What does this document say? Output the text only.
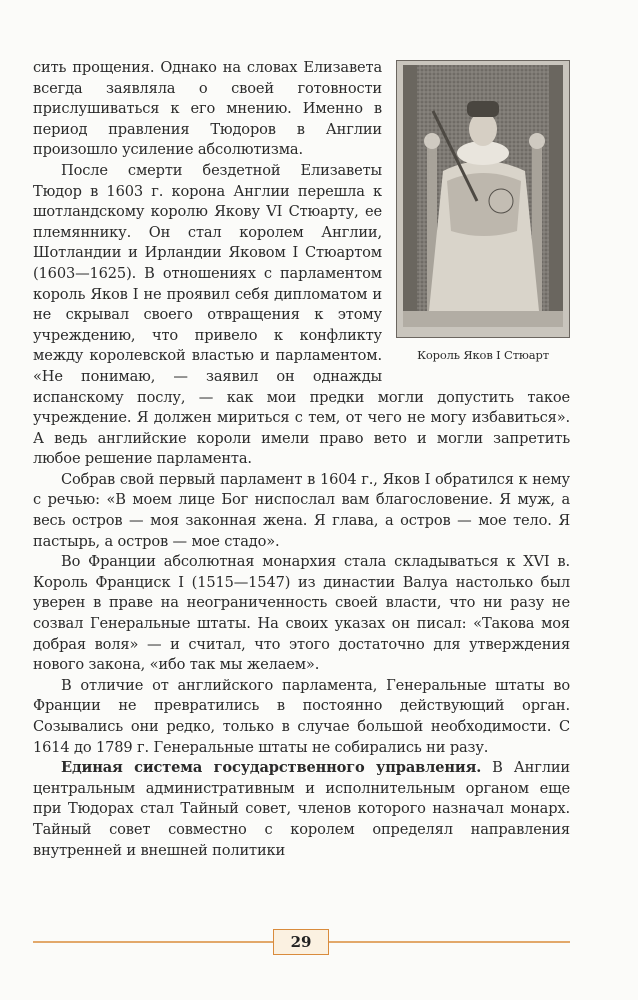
Король Яков I Стюарт

сить прощения. Однако на словах Елизавета всегда заявляла о своей готовности прислушиваться к его мнению. Именно в период правления Тюдоров в Англии произошло усиление абсолютизма.

После смерти бездетной Елизаветы Тюдор в 1603 г. корона Англии перешла к шотландскому королю Якову VI Стюарту, ее племяннику. Он стал королем Англии, Шотландии и Ирландии Яковом I Стюартом (1603—1625). В отношениях с парламентом король Яков I не проявил себя дипломатом и не скрывал своего отвращения к этому учреждению, что привело к конфликту между королевской властью и парламентом. «Не понимаю, — заявил он однажды испанскому послу, — как мои предки могли допустить такое учреждение. Я должен мириться с тем, от чего не могу избавиться». А ведь английские короли имели право вето и могли запретить любое решение парламента.

Собрав свой первый парламент в 1604 г., Яков I обратился к нему с речью: «В моем лице Бог ниспослал вам благословение. Я муж, а весь остров — моя законная жена. Я глава, а остров — мое тело. Я пастырь, а остров — мое стадо».

Во Франции абсолютная монархия стала складываться к XVI в. Король Франциск I (1515—1547) из династии Валуа настолько был уверен в праве на неограниченность своей власти, что ни разу не созвал Генеральные штаты. На своих указах он писал: «Такова моя добрая воля» — и считал, что этого достаточно для утверждения нового закона, «ибо так мы желаем».

В отличие от английского парламента, Генеральные штаты во Франции не превратились в постоянно действующий орган. Созывались они редко, только в случае большой необходимости. С 1614 до 1789 г. Генеральные штаты не собирались ни разу.

Единая система государственного управления. В Англии центральным административным и исполнительным органом еще при Тюдорах стал Тайный совет, членов которого назначал монарх. Тайный совет совместно с королем определял направления внутренней и внешней политики

29
